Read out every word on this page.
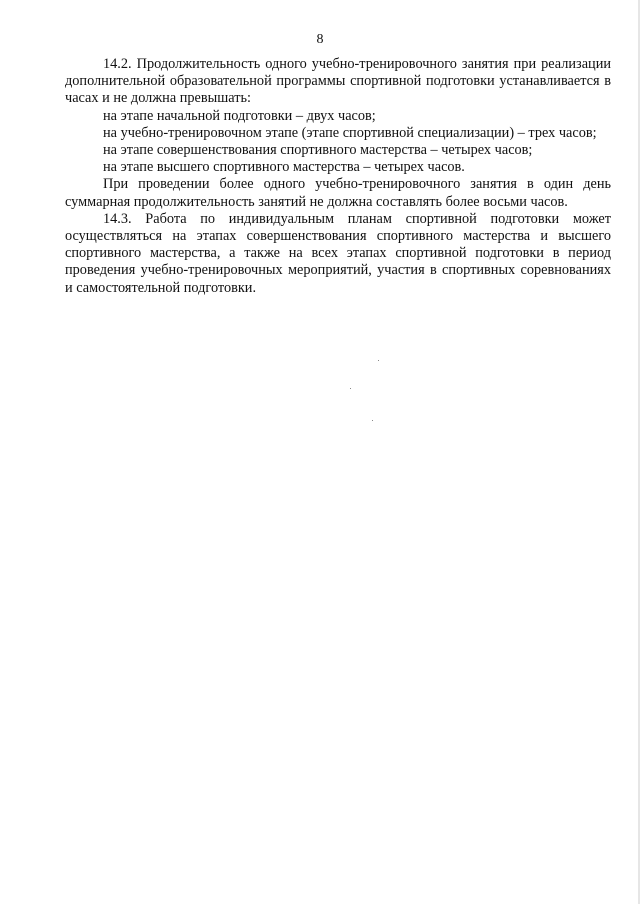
8

14.2. Продолжительность одного учебно-тренировочного занятия при реализации дополнительной образовательной программы спортивной подготовки устанавливается в часах и не должна превышать:

на этапе начальной подготовки – двух часов;

на учебно-тренировочном этапе (этапе спортивной специализации) – трех часов;

на этапе совершенствования спортивного мастерства – четырех часов;

на этапе высшего спортивного мастерства – четырех часов.

При проведении более одного учебно-тренировочного занятия в один день суммарная продолжительность занятий не должна составлять более восьми часов.

14.3. Работа по индивидуальным планам спортивной подготовки может осуществляться на этапах совершенствования спортивного мастерства и высшего спортивного мастерства, а также на всех этапах спортивной подготовки в период проведения учебно-тренировочных мероприятий, участия в спортивных соревнованиях и самостоятельной подготовки.
